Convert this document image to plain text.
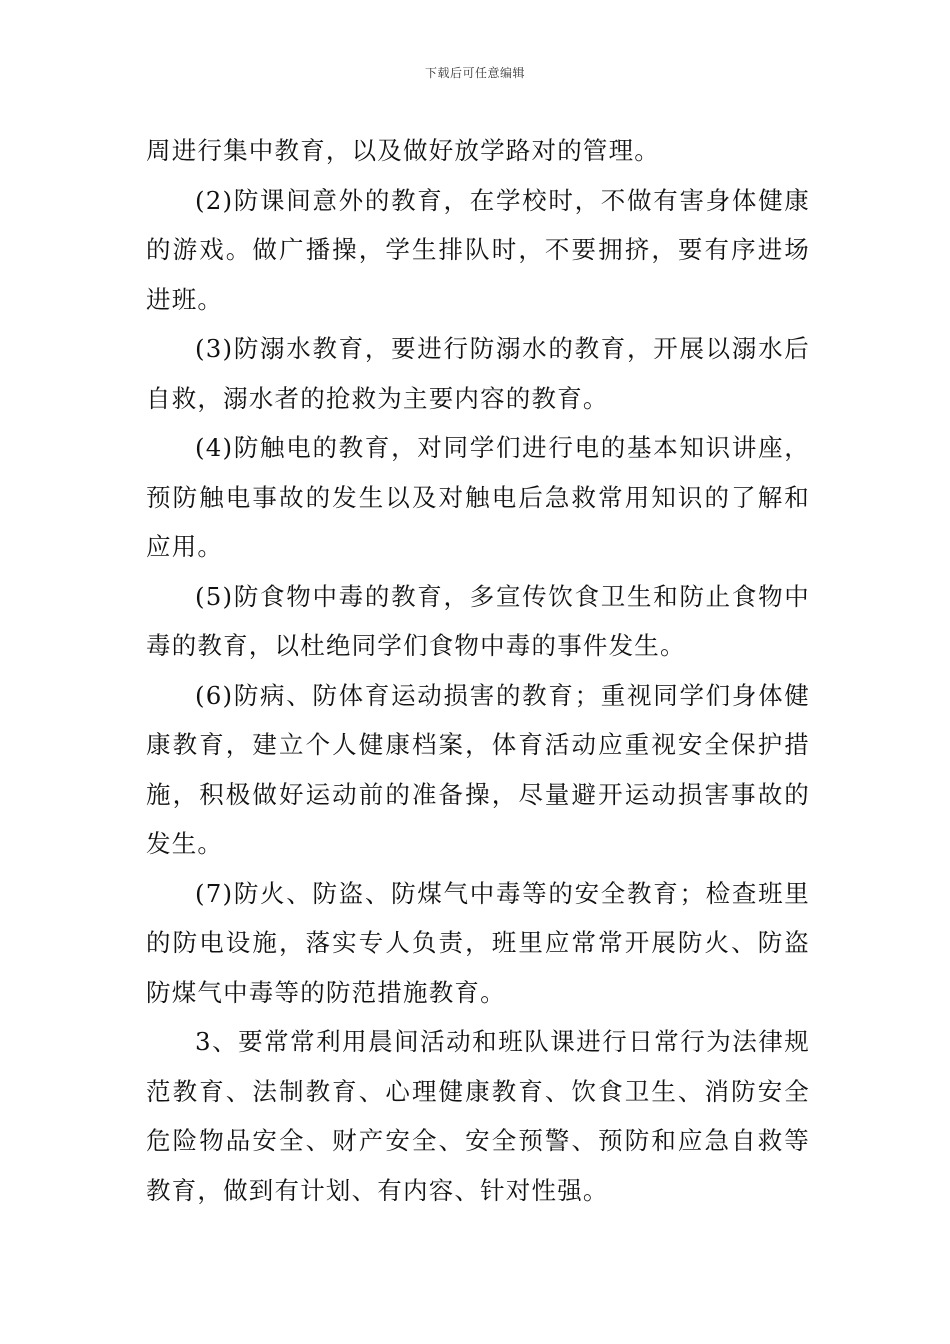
下载后可任意编辑

周进行集中教育，以及做好放学路对的管理。

(2)防课间意外的教育，在学校时，不做有害身体健康的游戏。做广播操，学生排队时，不要拥挤，要有序进场进班。

(3)防溺水教育，要进行防溺水的教育，开展以溺水后自救，溺水者的抢救为主要内容的教育。

(4)防触电的教育，对同学们进行电的基本知识讲座，预防触电事故的发生以及对触电后急救常用知识的了解和应用。

(5)防食物中毒的教育，多宣传饮食卫生和防止食物中毒的教育，以杜绝同学们食物中毒的事件发生。

(6)防病、防体育运动损害的教育；重视同学们身体健康教育，建立个人健康档案，体育活动应重视安全保护措施，积极做好运动前的准备操，尽量避开运动损害事故的发生。

(7)防火、防盗、防煤气中毒等的安全教育；检查班里的防电设施，落实专人负责，班里应常常开展防火、防盗防煤气中毒等的防范措施教育。

3、要常常利用晨间活动和班队课进行日常行为法律规范教育、法制教育、心理健康教育、饮食卫生、消防安全危险物品安全、财产安全、安全预警、预防和应急自救等教育，做到有计划、有内容、针对性强。
